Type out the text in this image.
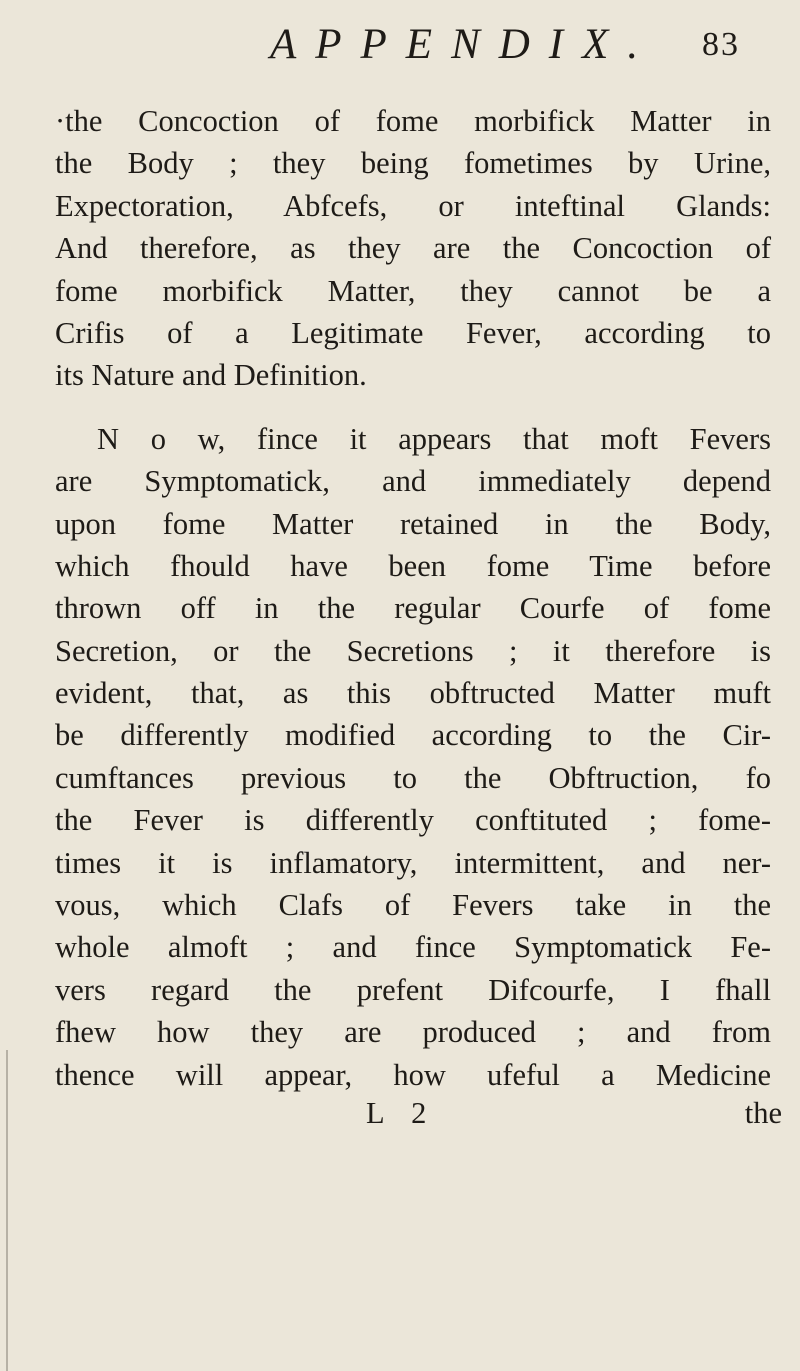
APPENDIX. 83
·the Concoction of fome morbifick Matter in
the Body ; they being fometimes by Urine,
Expectoration, Abfcefs, or inteftinal Glands:
And therefore, as they are the Concoction of
fome morbifick Matter, they cannot be a
Crifis of a Legitimate Fever, according to
its Nature and Definition.
N o w, fince it appears that moft Fevers
are Symptomatick, and immediately depend
upon fome Matter retained in the Body,
which fhould have been fome Time before
thrown off in the regular Courfe of fome
Secretion, or the Secretions ; it therefore is
evident, that, as this obftructed Matter muft
be differently modified according to the Cir-
cumftances previous to the Obftruction, fo
the Fever is differently conftituted ; fome-
times it is inflamatory, intermittent, and ner-
vous, which Clafs of Fevers take in the
whole almoft ; and fince Symptomatick Fe-
vers regard the prefent Difcourfe, I fhall
fhew how they are produced ; and from
thence will appear, how ufeful a Medicine
L 2	the
